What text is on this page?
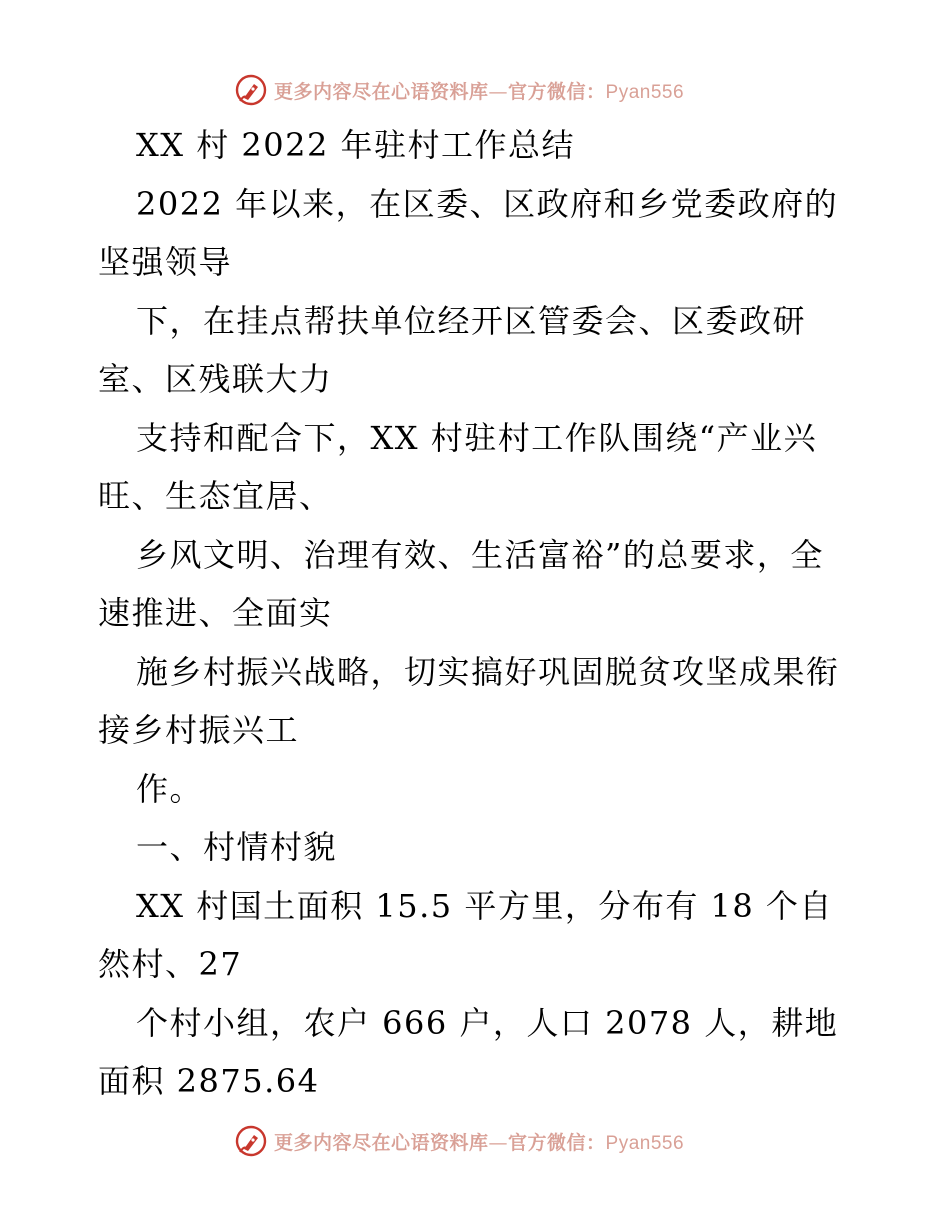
更多内容尽在心语资料库—官方微信：Pyan556
XX 村 2022 年驻村工作总结
2022 年以来，在区委、区政府和乡党委政府的
坚强领导
下，在挂点帮扶单位经开区管委会、区委政研
室、区残联大力
支持和配合下，XX 村驻村工作队围绕“产业兴
旺、生态宜居、
乡风文明、治理有效、生活富裕”的总要求，全
速推进、全面实
施乡村振兴战略，切实搞好巩固脱贫攻坚成果衔
接乡村振兴工
作。
一、村情村貌
XX 村国土面积 15.5 平方里，分布有 18 个自
然村、27
个村小组，农户 666 户，人口 2078 人，耕地
面积 2875.64
更多内容尽在心语资料库—官方微信：Pyan556
